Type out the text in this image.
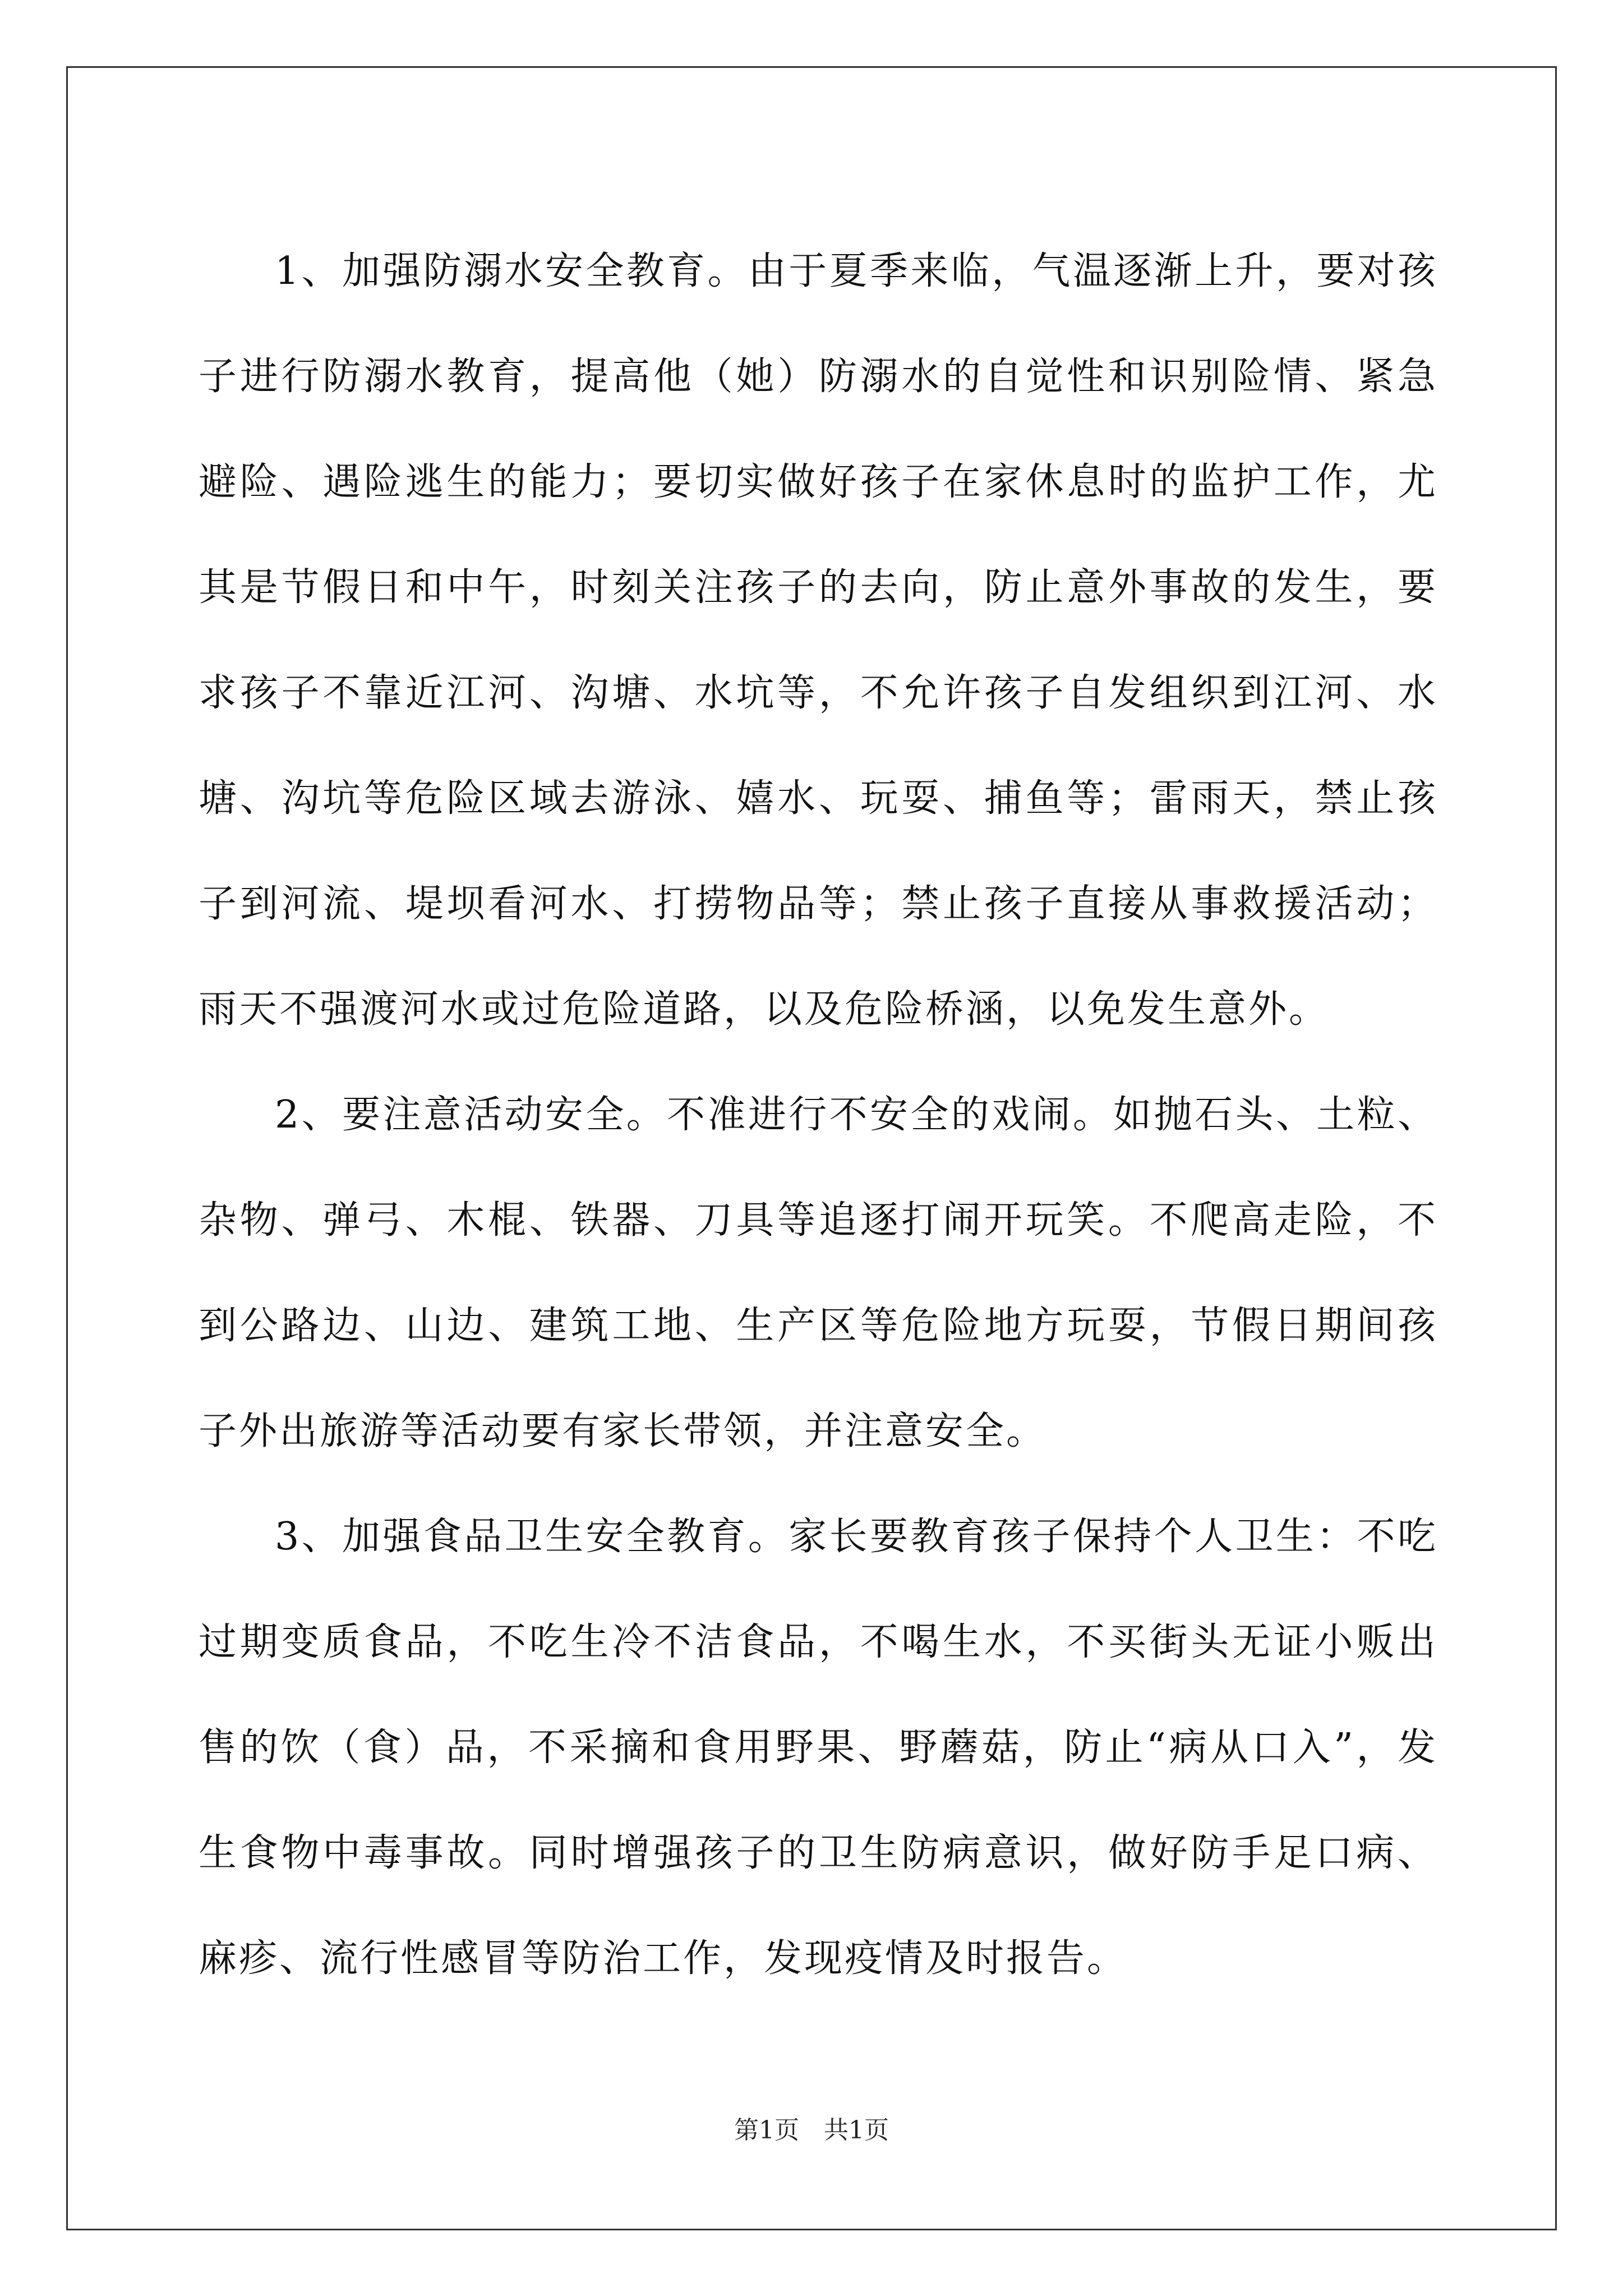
1、加强防溺水安全教育。由于夏季来临，气温逐渐上升，要对孩子进行防溺水教育，提高他（她）防溺水的自觉性和识别险情、紧急避险、遇险逃生的能力；要切实做好孩子在家休息时的监护工作，尤其是节假日和中午，时刻关注孩子的去向，防止意外事故的发生，要求孩子不靠近江河、沟塘、水坑等，不允许孩子自发组织到江河、水塘、沟坑等危险区域去游泳、嬉水、玩耍、捕鱼等；雷雨天，禁止孩子到河流、堤坝看河水、打捞物品等；禁止孩子直接从事救援活动；雨天不强渡河水或过危险道路，以及危险桥涵，以免发生意外。

2、要注意活动安全。不准进行不安全的戏闹。如抛石头、土粒、杂物、弹弓、木棍、铁器、刀具等追逐打闹开玩笑。不爬高走险，不到公路边、山边、建筑工地、生产区等危险地方玩耍，节假日期间孩子外出旅游等活动要有家长带领，并注意安全。

3、加强食品卫生安全教育。家长要教育孩子保持个人卫生：不吃过期变质食品，不吃生冷不洁食品，不喝生水，不买街头无证小贩出售的饮（食）品，不采摘和食用野果、野蘑菇，防止“病从口入”，发生食物中毒事故。同时增强孩子的卫生防病意识，做好防手足口病、麻疹、流行性感冒等防治工作，发现疫情及时报告。

第1页　共1页
